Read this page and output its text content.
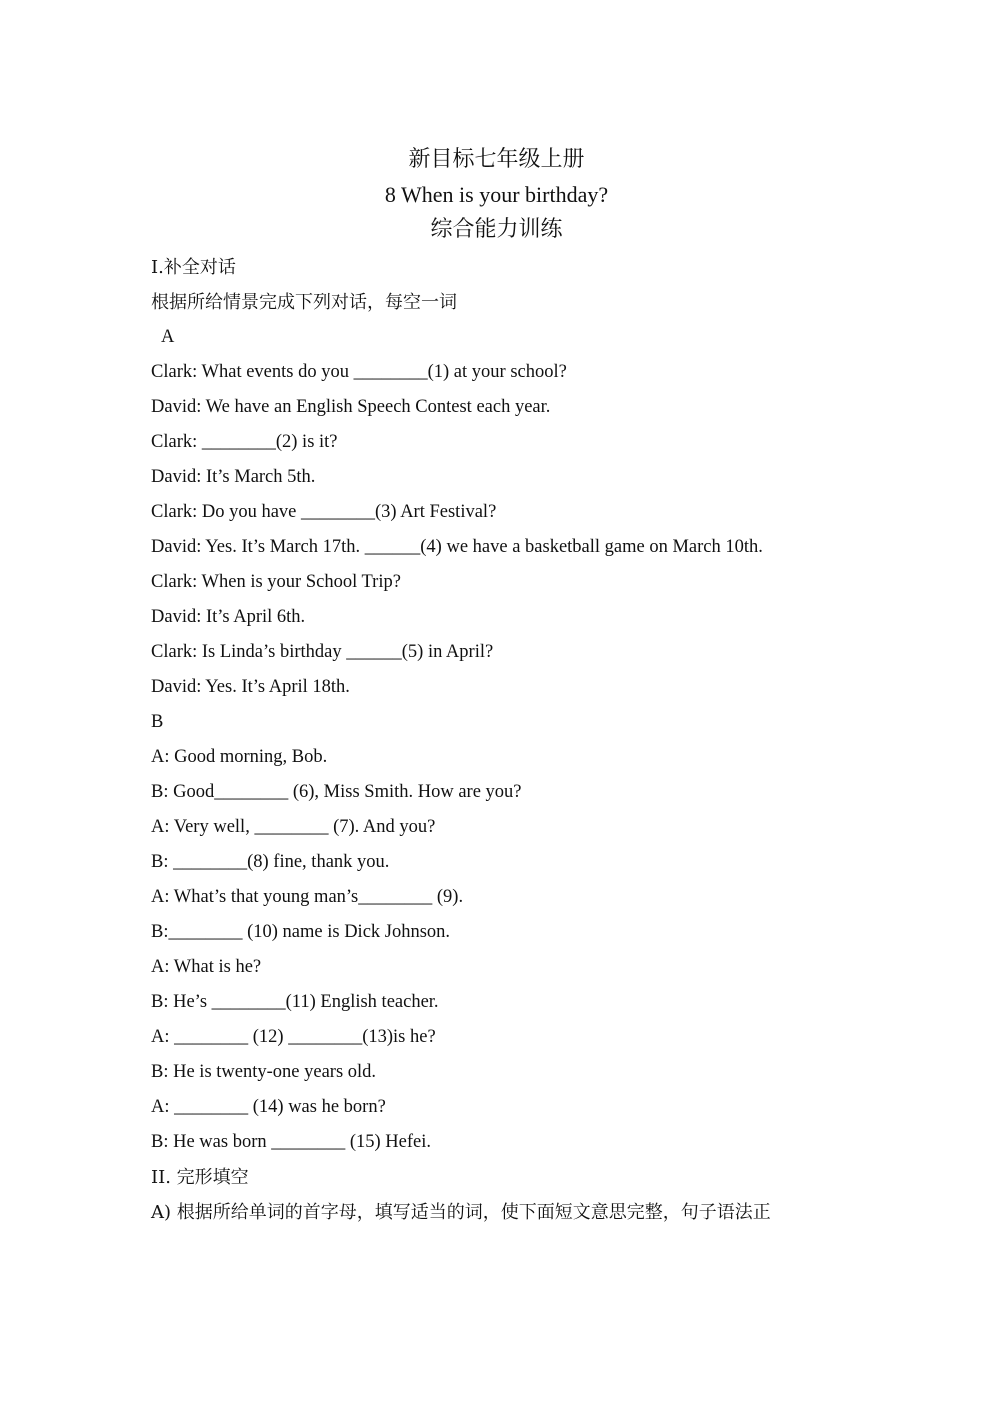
新目标七年级上册
8 When is your birthday?
综合能力训练
I.补全对话
根据所给情景完成下列对话，每空一词
A
Clark: What events do you ________(1) at your school?
David: We have an English Speech Contest each year.
Clark: ________(2) is it?
David: It’s March 5th.
Clark: Do you have ________(3) Art Festival?
David: Yes. It’s March 17th. ______(4) we have a basketball game on March 10th.
Clark: When is your School Trip?
David: It’s April 6th.
Clark: Is Linda’s birthday ______(5) in April?
David: Yes. It’s April 18th.
B
A: Good morning, Bob.
B: Good________ (6), Miss Smith. How are you?
A: Very well, ________ (7). And you?
B: ________(8) fine, thank you.
A: What’s that young man’s________ (9).
B:________ (10) name is Dick Johnson.
A: What is he?
B: He’s ________(11) English teacher.
A: ________ (12) ________(13)is he?
B: He is twenty-one years old.
A: ________ (14) was he born?
B: He was born ________ (15) Hefei.
II. 完形填空
A) 根据所给单词的首字母，填写适当的词，使下面短文意思完整，句子语法正
